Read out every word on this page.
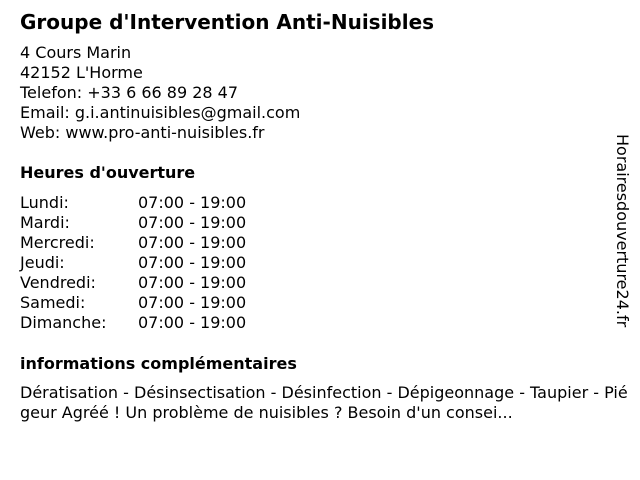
Groupe d'Intervention Anti-Nuisibles
4 Cours Marin
42152 L'Horme
Telefon: +33 6 66 89 28 47
Email: g.i.antinuisibles@gmail.com
Web: www.pro-anti-nuisibles.fr
Heures d'ouverture
Lundi:	07:00 - 19:00
Mardi:	07:00 - 19:00
Mercredi:	07:00 - 19:00
Jeudi:	07:00 - 19:00
Vendredi:	07:00 - 19:00
Samedi:	07:00 - 19:00
Dimanche: 07:00 - 19:00
informations complémentaires
Dératisation - Désinsectisation - Désinfection - Dépigeonnage - Taupier - Piégeur Agréé ! Un problème de nuisibles ? Besoin d'un consei...
Horairesdouverture24.fr
